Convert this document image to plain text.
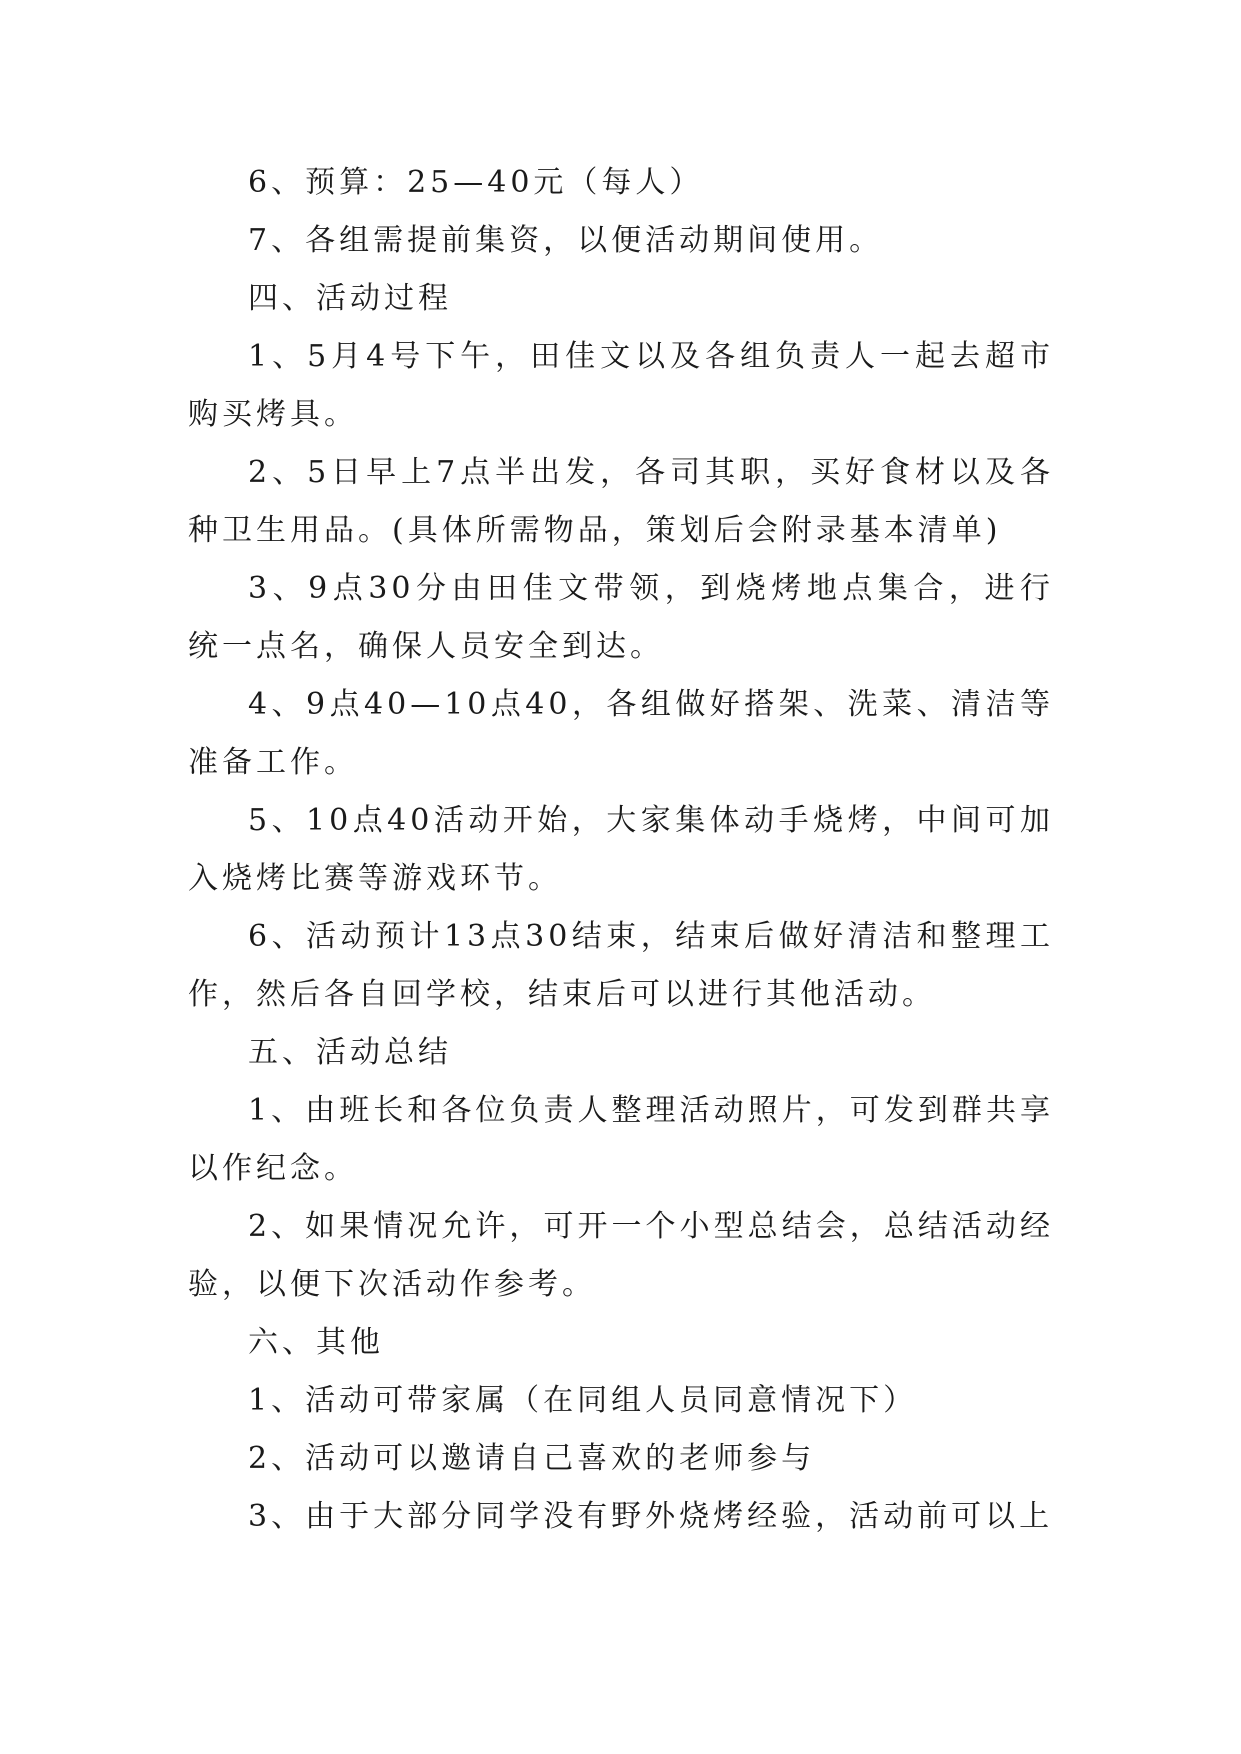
6、预算：25—40元（每人）

7、各组需提前集资，以便活动期间使用。

四、活动过程

1、5月4号下午，田佳文以及各组负责人一起去超市购买烤具。

2、5日早上7点半出发，各司其职，买好食材以及各种卫生用品。(具体所需物品，策划后会附录基本清单)

3、9点30分由田佳文带领，到烧烤地点集合，进行统一点名，确保人员安全到达。

4、9点40—10点40，各组做好搭架、洗菜、清洁等准备工作。

5、10点40活动开始，大家集体动手烧烤，中间可加入烧烤比赛等游戏环节。

6、活动预计13点30结束，结束后做好清洁和整理工作，然后各自回学校，结束后可以进行其他活动。

五、活动总结

1、由班长和各位负责人整理活动照片，可发到群共享以作纪念。

2、如果情况允许，可开一个小型总结会，总结活动经验，以便下次活动作参考。

六、其他

1、活动可带家属（在同组人员同意情况下）

2、活动可以邀请自己喜欢的老师参与

3、由于大部分同学没有野外烧烤经验，活动前可以上
